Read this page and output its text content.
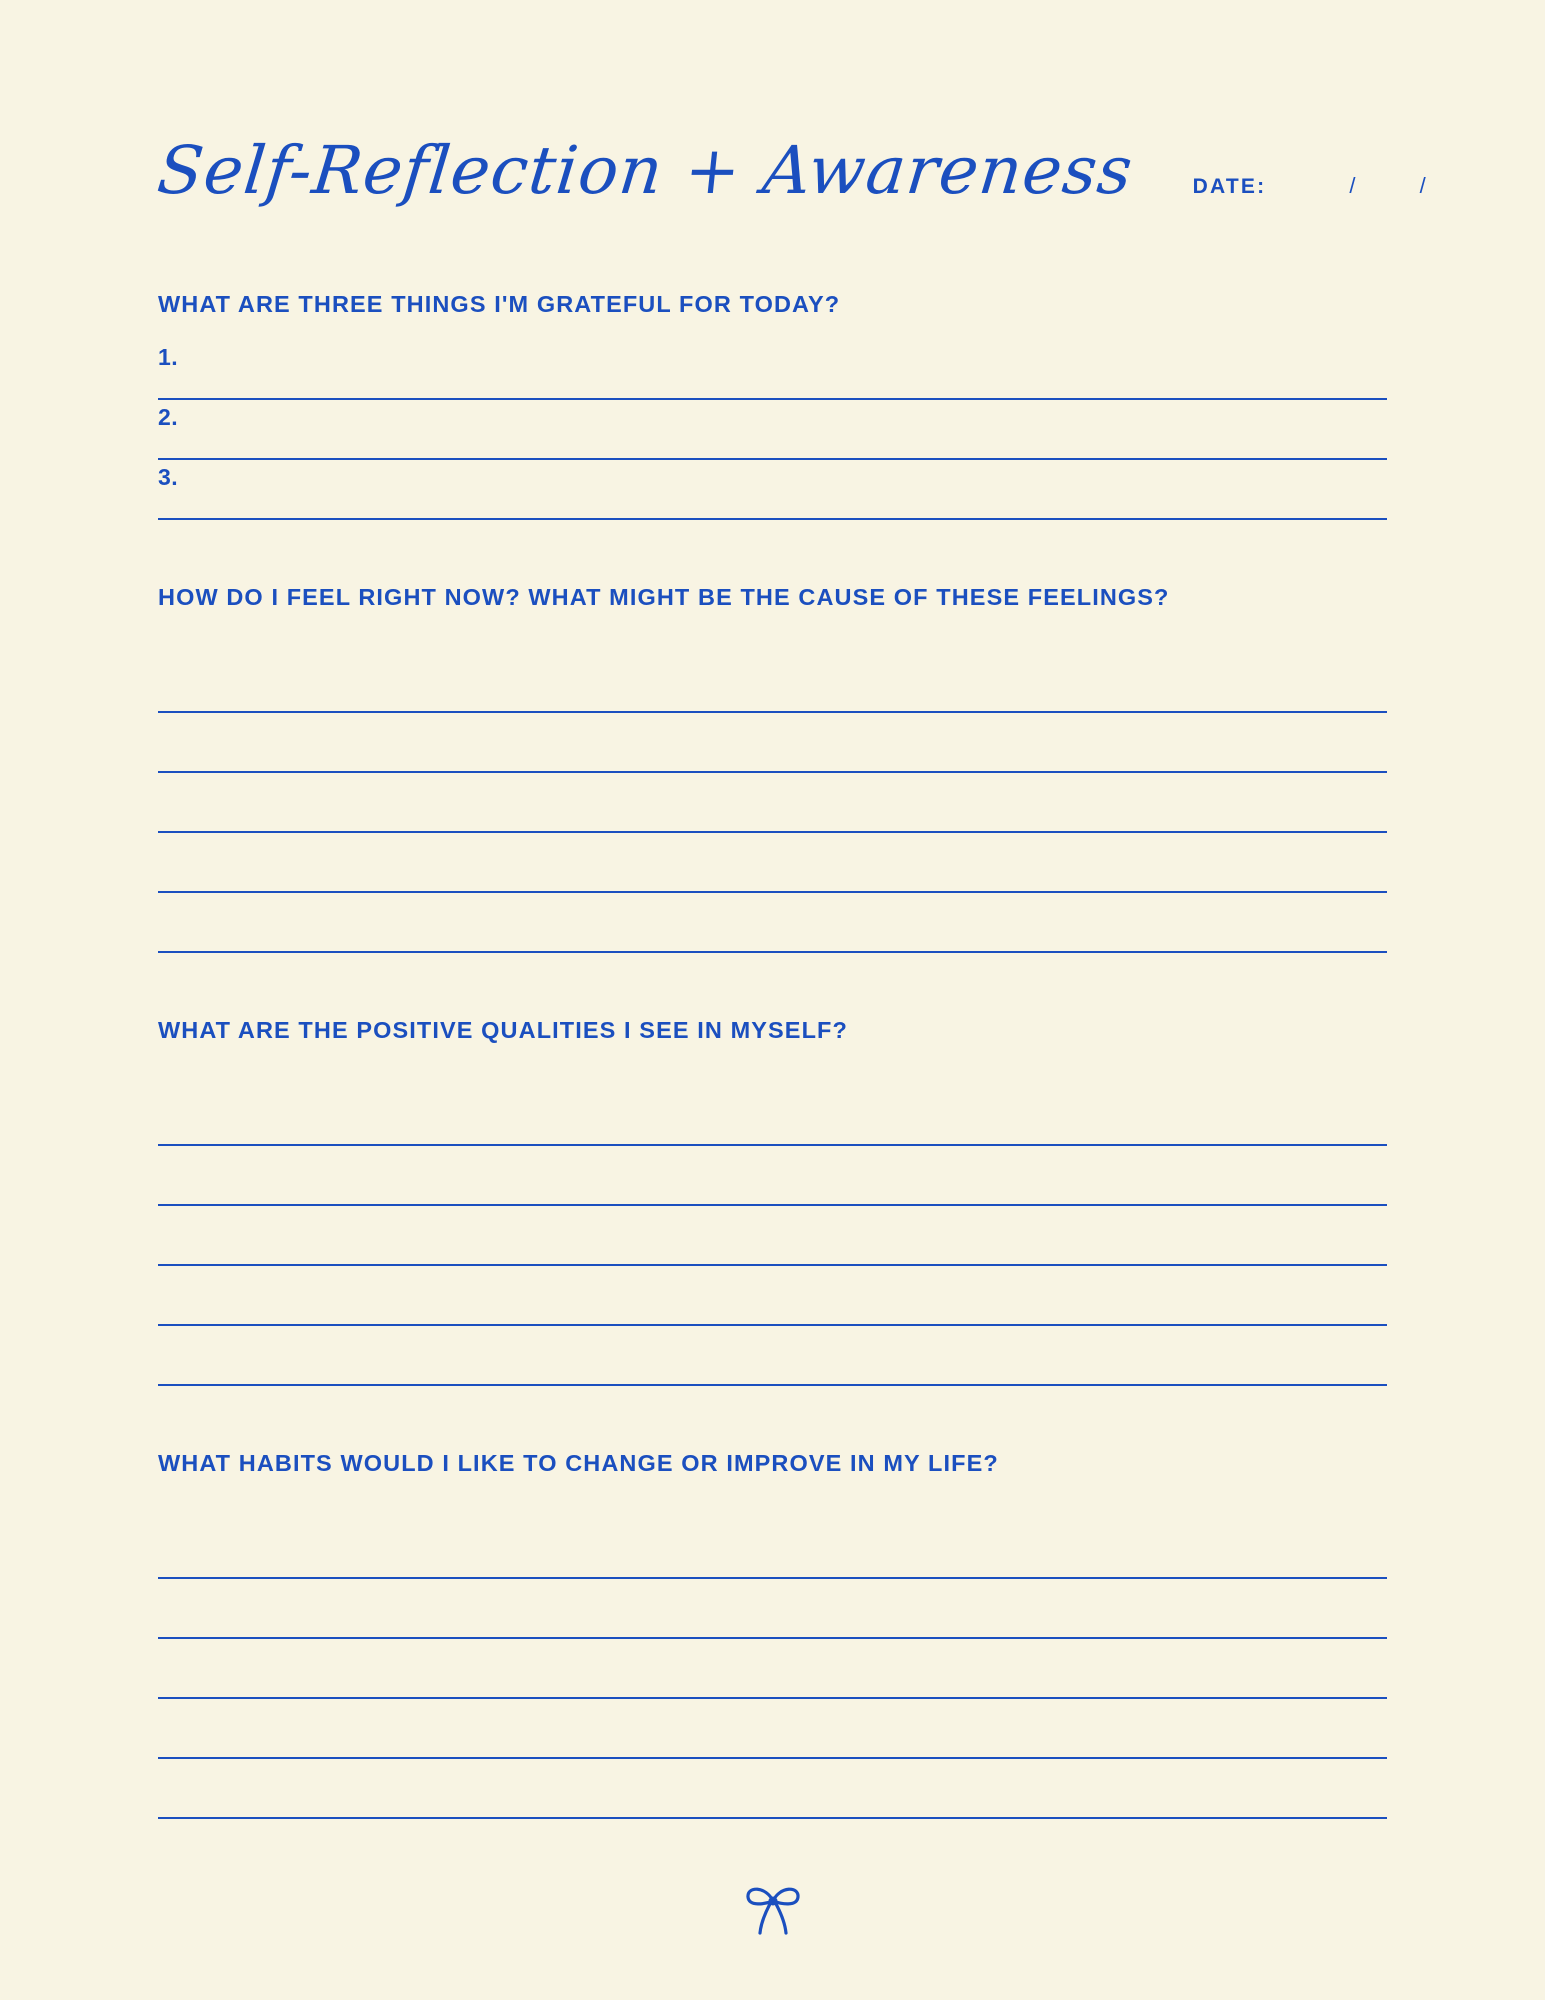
Self-Reflection + Awareness	DATE:	/	/
WHAT ARE THREE THINGS I'M GRATEFUL FOR TODAY?
1.
2.
3.
HOW DO I FEEL RIGHT NOW? WHAT MIGHT BE THE CAUSE OF THESE FEELINGS?
WHAT ARE THE POSITIVE QUALITIES I SEE IN MYSELF?
WHAT HABITS WOULD I LIKE TO CHANGE OR IMPROVE IN MY LIFE?
